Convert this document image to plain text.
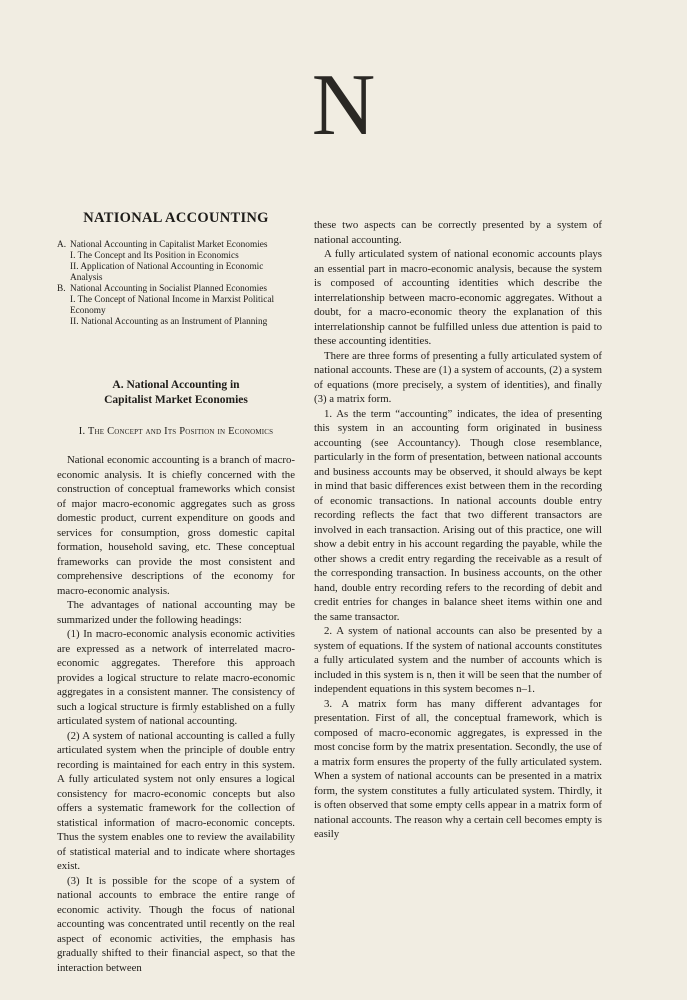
N
NATIONAL ACCOUNTING
A. National Accounting in Capitalist Market Economies
I. The Concept and Its Position in Economics
II. Application of National Accounting in Economic Analysis
B. National Accounting in Socialist Planned Economies
I. The Concept of National Income in Marxist Political Economy
II. National Accounting as an Instrument of Planning
A. National Accounting in
Capitalist Market Economies
I. The Concept and Its Position in Economics

National economic accounting is a branch of macro-economic analysis. It is chiefly concerned with the construction of conceptual frameworks which consist of major macro-economic aggregates such as gross domestic product, current expenditure on goods and services for consumption, gross domestic capital formation, household saving, etc. These conceptual frameworks can provide the most consistent and comprehensive descriptions of the economy for macro-economic analysis.

The advantages of national accounting may be summarized under the following headings:

(1) In macro-economic analysis economic activities are expressed as a network of interrelated macro-economic aggregates. Therefore this approach provides a logical structure to relate macro-economic aggregates in a consistent manner. The consistency of such a logical structure is firmly established on a fully articulated system of national accounting.

(2) A system of national accounting is called a fully articulated system when the principle of double entry recording is maintained for each entry in this system. A fully articulated system not only ensures a logical consistency for macro-economic concepts but also offers a systematic framework for the collection of statistical information of macro-economic concepts. Thus the system enables one to review the availability of statistical material and to indicate where shortages exist.

(3) It is possible for the scope of a system of national accounts to embrace the entire range of economic activity. Though the focus of national accounting was concentrated until recently on the real aspect of economic activities, the emphasis has gradually shifted to their financial aspect, so that the interaction between

these two aspects can be correctly presented by a system of national accounting.

A fully articulated system of national economic accounts plays an essential part in macro-economic analysis, because the system is composed of accounting identities which describe the interrelationship between macro-economic aggregates. Without a doubt, for a macro-economic theory the explanation of this interrelationship cannot be fulfilled unless due attention is paid to these accounting identities.

There are three forms of presenting a fully articulated system of national accounts. These are (1) a system of accounts, (2) a system of equations (more precisely, a system of identities), and finally (3) a matrix form.

1. As the term “accounting” indicates, the idea of presenting this system in an accounting form originated in business accounting (see Accountancy). Though close resemblance, particularly in the form of presentation, between national accounts and business accounts may be observed, it should always be kept in mind that basic differences exist between them in the recording of economic transactions. In national accounts double entry recording reflects the fact that two different transactors are involved in each transaction. Arising out of this practice, one will show a debit entry in his account regarding the payable, while the other shows a credit entry regarding the receivable as a result of the corresponding transaction. In business accounts, on the other hand, double entry recording refers to the recording of debit and credit entries for changes in balance sheet items within one and the same transactor.

2. A system of national accounts can also be presented by a system of equations. If the system of national accounts constitutes a fully articulated system and the number of accounts which is included in this system is n, then it will be seen that the number of independent equations in this system becomes n–1.

3. A matrix form has many different advantages for presentation. First of all, the conceptual framework, which is composed of macro-economic aggregates, is expressed in the most concise form by the matrix presentation. Secondly, the use of a matrix form ensures the property of the fully articulated system. When a system of national accounts can be presented in a matrix form, the system constitutes a fully articulated system. Thirdly, it is often observed that some empty cells appear in a matrix form of national accounts. The reason why a certain cell becomes empty is easily
